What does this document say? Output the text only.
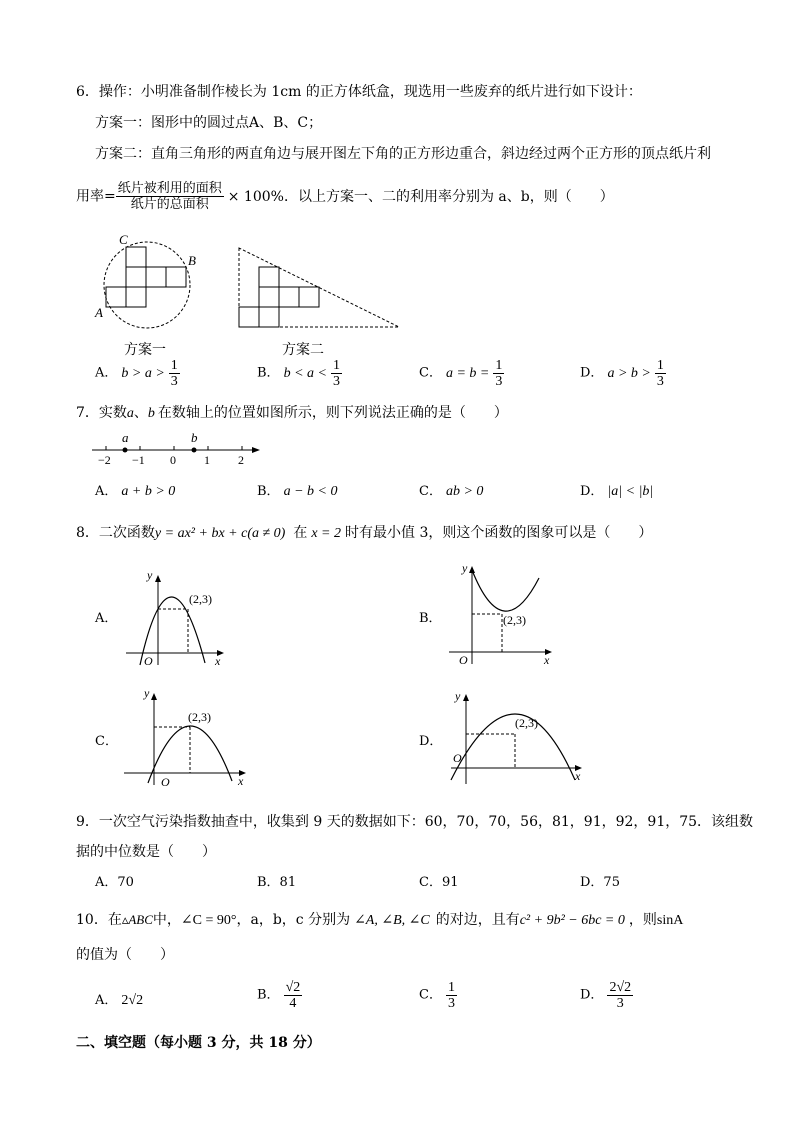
6．操作：小明准备制作棱长为 1cm 的正方体纸盒，现选用一些废弃的纸片进行如下设计：
方案一：图形中的圆过点A、B、C；
方案二：直角三角形的两直角边与展开图左下角的正方形边重合，斜边经过两个正方形的顶点纸片利
用率= $\frac{\text{纸片被利用的面积}}{\text{纸片的总面积}} \times 100\%$．以上方案一、二的利用率分别为 a、b，则（　　）
C
B
A
方案一	方案二
A． $b > a > \frac{1}{3}$	B． $b < a < \frac{1}{3}$	C． $a = b = \frac{1}{3}$	D． $a > b > \frac{1}{3}$
7．实数a、b 在数轴上的位置如图所示，则下列说法正确的是（　　）
a	b
−2 −1 0 1 2
A． a + b > 0	B． a − b < 0	C． ab > 0	D． |a| < |b|
8．二次函数y = ax² + bx + c(a ≠ 0) 在 x = 2 时有最小值 3，则这个函数的图象可以是（　　）
A．
(2,3)
y
x
O
B．	(2,3)
y
x
O
C．
(2,3)
y
x
O
D．
(2,3)
y
x
O
9．一次空气污染指数抽查中，收集到 9 天的数据如下：60，70，70，56，81，91，92，91，75．该组数
据的中位数是（　　）
A．70	B．81	C．91	D．75
10．在▵ABC中，∠C = 90°，a，b，c 分别为 ∠A, ∠B, ∠C 的对边，且有c² + 9b² − 6bc = 0 ，则sinA
的值为（　　）
A． 2√2	B． $\frac{√2}{4}$	C． $\frac{1}{3}$	D． $\frac{2√2}{3}$
二、填空题（每小题 3 分，共 18 分）
